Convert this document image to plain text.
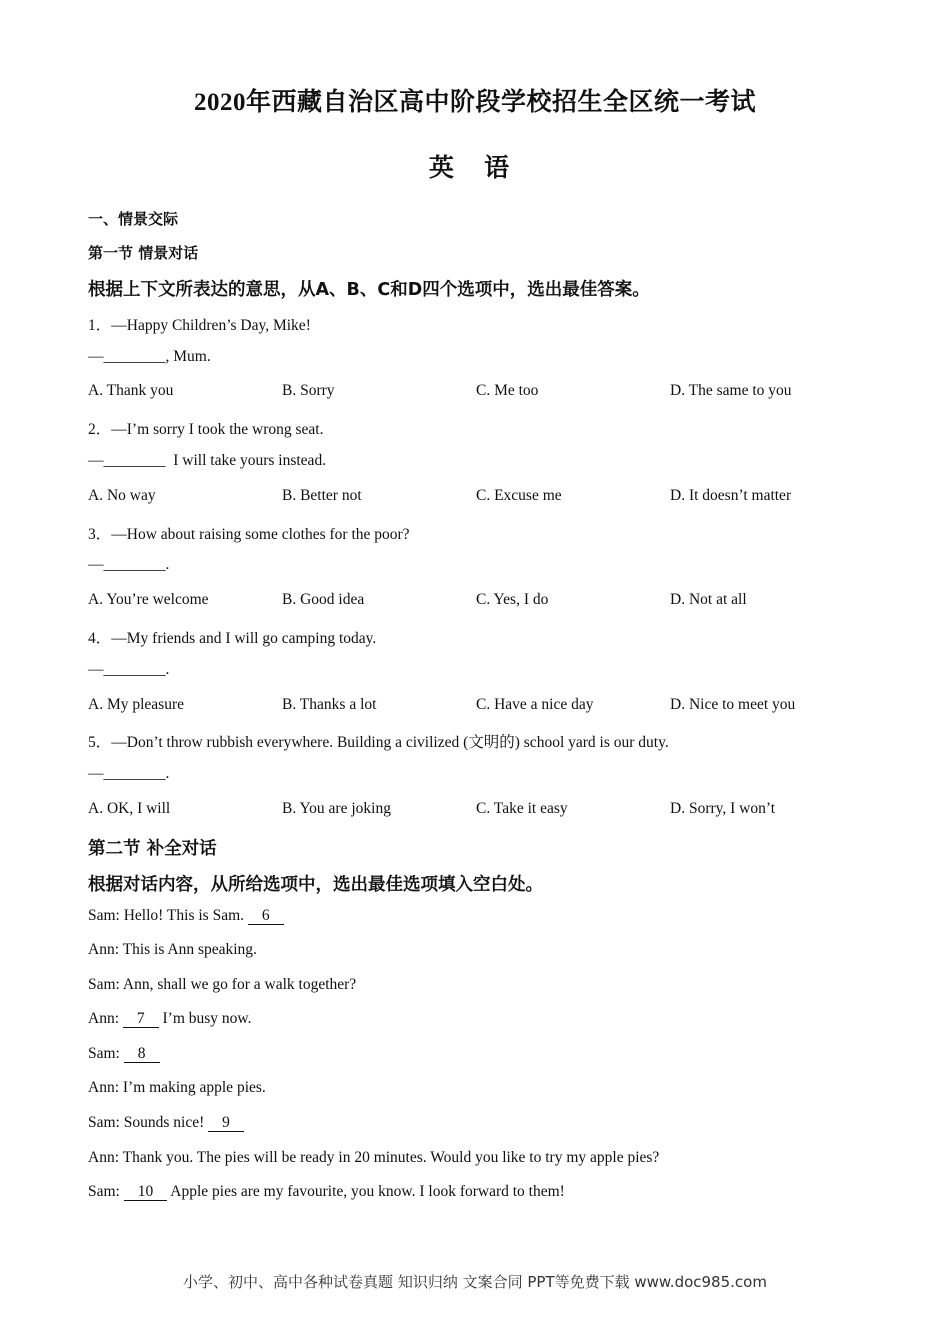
2020年西藏自治区高中阶段学校招生全区统一考试
英 语
一、情景交际
第一节 情景对话
根据上下文所表达的意思，从A、B、C和D四个选项中，选出最佳答案。
1．—Happy Children’s Day, Mike!
—________, Mum.
A. Thank you	B. Sorry	C. Me too	D. The same to you
2．—I’m sorry I took the wrong seat.
—________  I will take yours instead.
A. No way	B. Better not	C. Excuse me	D. It doesn’t matter
3．—How about raising some clothes for the poor?
—________.
A. You’re welcome	B. Good idea	C. Yes, I do	D. Not at all
4．—My friends and I will go camping today.
—________.
A. My pleasure	B. Thanks a lot	C. Have a nice day	D. Nice to meet you
5．—Don’t throw rubbish everywhere. Building a civilized (文明的) school yard is our duty.
—________.
A. OK, I will	B. You are joking	C. Take it easy	D. Sorry, I won’t
第二节 补全对话
根据对话内容，从所给选项中，选出最佳选项填入空白处。
Sam: Hello! This is Sam. 6
Ann: This is Ann speaking.
Sam: Ann, shall we go for a walk together?
Ann: 7 I’m busy now.
Sam: 8
Ann: I’m making apple pies.
Sam: Sounds nice! 9
Ann: Thank you. The pies will be ready in 20 minutes. Would you like to try my apple pies?
Sam: 10 Apple pies are my favourite, you know. I look forward to them!
小学、初中、高中各种试卷真题 知识归纳 文案合同 PPT等免费下载 www.doc985.com
